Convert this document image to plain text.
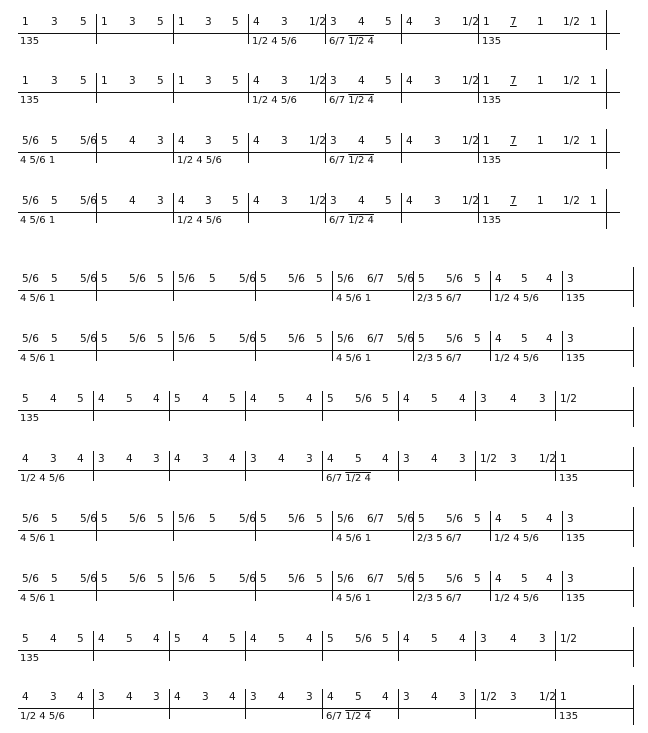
1 3 5 1 3 5 1 3 5 4 3 1/2 3 4 5 4 3 1/2 1 7 1 1/2 1
135	1/2 4 5/6	6/7 1/2 4	135
1 3 5 1 3 5 1 3 5 4 3 1/2 3 4 5 4 3 1/2 1 7 1 1/2 1
135	1/2 4 5/6	6/7 1/2 4	135
5/6 5 5/6 5 4 3 4 3 5 4 3 1/2 3 4 5 4 3 1/2 1 7 1 1/2 1
4 5/6 1	1/2 4 5/6	6/7 1/2 4	135
5/6 5 5/6 5 4 3 4 3 5 4 3 1/2 3 4 5 4 3 1/2 1 7 1 1/2 1
4 5/6 1	1/2 4 5/6	6/7 1/2 4	135
5/6 5 5/6 5 5/6 5 5/6 5 5/6 5 5/6 5 5/6 6/7 5/6 5 5/6 5 4 5 4 3
4 5/6 1	4 5/6 1	2/3 5 6/7	1/2 4 5/6	135
5/6 5 5/6 5 5/6 5 5/6 5 5/6 5 5/6 5 5/6 6/7 5/6 5 5/6 5 4 5 4 3
4 5/6 1	4 5/6 1	2/3 5 6/7	1/2 4 5/6	135
5 4 5 4 5 4 5 4 5 4 5 4 5 5/6 5 4 5 4 3 4 3 1/2
135
4 3 4 3 4 3 4 3 4 3 4 3 4 5 4 3 4 3 1/2 3 1/2 1
1/2 4 5/6	6/7 1/2 4	135
5/6 5 5/6 5 5/6 5 5/6 5 5/6 5 5/6 5 5/6 6/7 5/6 5 5/6 5 4 5 4 3
4 5/6 1	4 5/6 1	2/3 5 6/7	1/2 4 5/6	135
5/6 5 5/6 5 5/6 5 5/6 5 5/6 5 5/6 5 5/6 6/7 5/6 5 5/6 5 4 5 4 3
4 5/6 1	4 5/6 1	2/3 5 6/7	1/2 4 5/6	135
5 4 5 4 5 4 5 4 5 4 5 4 5 5/6 5 4 5 4 3 4 3 1/2
135
4 3 4 3 4 3 4 3 4 3 4 3 4 5 4 3 4 3 1/2 3 1/2 1
1/2 4 5/6	6/7 1/2 4	135
